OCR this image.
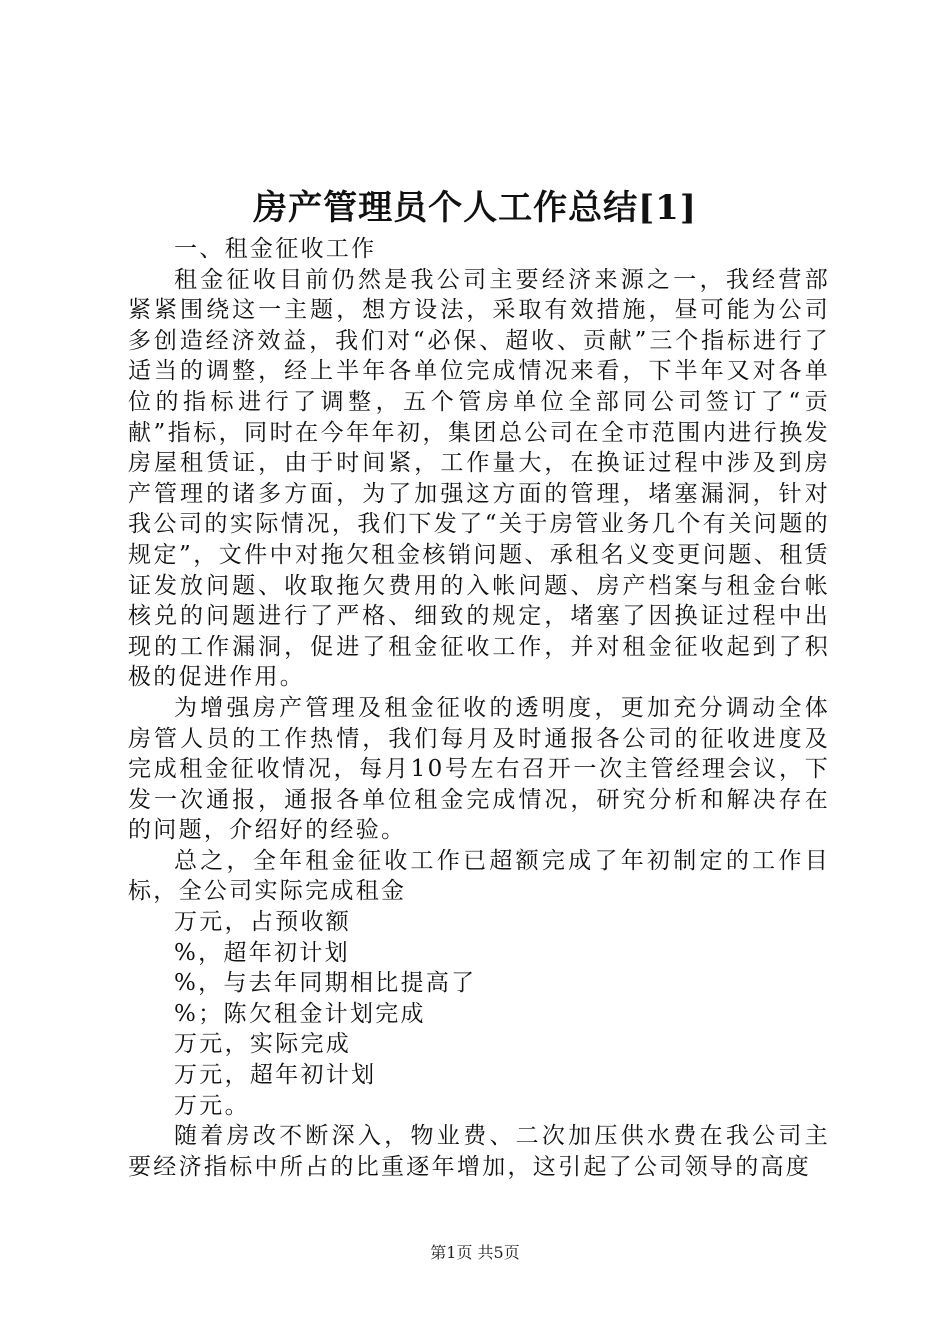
房产管理员个人工作总结[1]

一、租金征收工作

租金征收目前仍然是我公司主要经济来源之一，我经营部紧紧围绕这一主题，想方设法，采取有效措施，昼可能为公司多创造经济效益，我们对“必保、超收、贡献”三个指标进行了适当的调整，经上半年各单位完成情况来看，下半年又对各单位的指标进行了调整，五个管房单位全部同公司签订了“贡献”指标，同时在今年年初，集团总公司在全市范围内进行换发房屋租赁证，由于时间紧，工作量大，在换证过程中涉及到房产管理的诸多方面，为了加强这方面的管理，堵塞漏洞，针对我公司的实际情况，我们下发了“关于房管业务几个有关问题的规定”，文件中对拖欠租金核销问题、承租名义变更问题、租赁证发放问题、收取拖欠费用的入帐问题、房产档案与租金台帐核兑的问题进行了严格、细致的规定，堵塞了因换证过程中出现的工作漏洞，促进了租金征收工作，并对租金征收起到了积极的促进作用。

为增强房产管理及租金征收的透明度，更加充分调动全体房管人员的工作热情，我们每月及时通报各公司的征收进度及完成租金征收情况，每月10号左右召开一次主管经理会议，下发一次通报，通报各单位租金完成情况，研究分析和解决存在的问题，介绍好的经验。

总之，全年租金征收工作已超额完成了年初制定的工作目标，全公司实际完成租金

万元，占预收额

%，超年初计划

%，与去年同期相比提高了

%；陈欠租金计划完成

万元，实际完成

万元，超年初计划

万元。

随着房改不断深入，物业费、二次加压供水费在我公司主要经济指标中所占的比重逐年增加，这引起了公司领导的高度

第1页 共5页
